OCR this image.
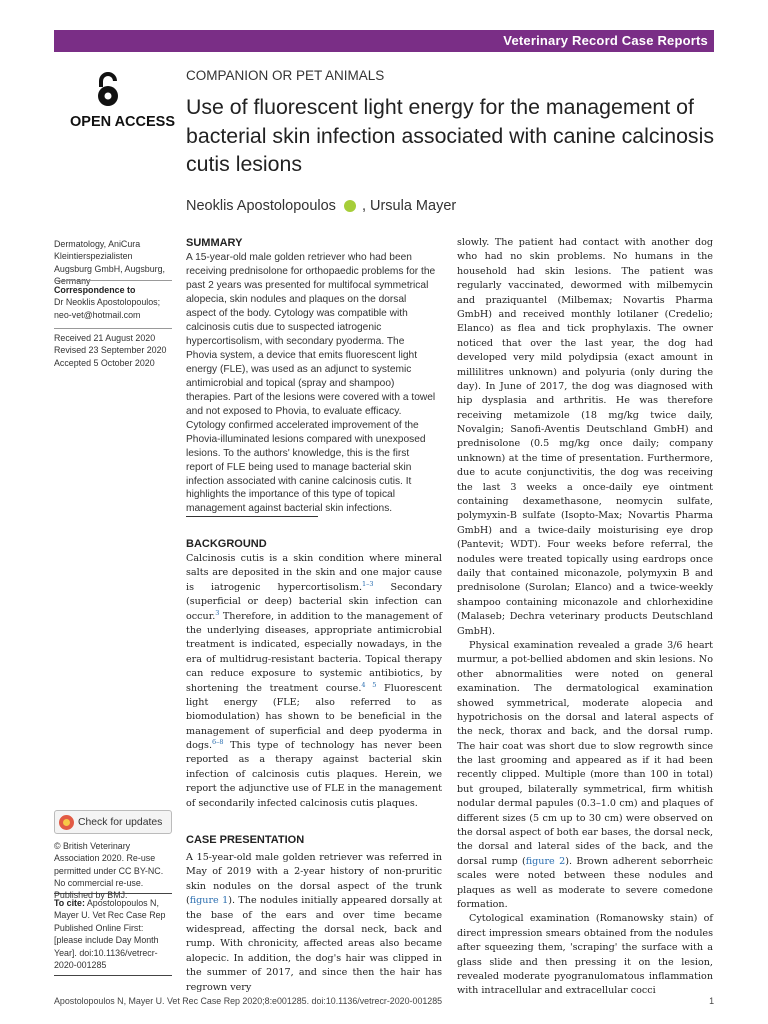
Veterinary Record Case Reports
OPEN ACCESS
COMPANION OR PET ANIMALS
Use of fluorescent light energy for the management of bacterial skin infection associated with canine calcinosis cutis lesions
Neoklis Apostolopoulos , Ursula Mayer
Dermatology, AniCura Kleintierspezialisten Augsburg GmbH, Augsburg, Germany
Correspondence to
Dr Neoklis Apostolopoulos; neo-vet@hotmail.com
Received 21 August 2020
Revised 23 September 2020
Accepted 5 October 2020
Check for updates
© British Veterinary Association 2020. Re-use permitted under CC BY-NC. No commercial re-use. Published by BMJ.
To cite: Apostolopoulos N, Mayer U. Vet Rec Case Rep Published Online First: [please include Day Month Year]. doi:10.1136/vetrecr-2020-001285
SUMMARY
A 15-year-old male golden retriever who had been receiving prednisolone for orthopaedic problems for the past 2 years was presented for multifocal symmetrical alopecia, skin nodules and plaques on the dorsal aspect of the body. Cytology was compatible with calcinosis cutis due to suspected iatrogenic hypercortisolism, with secondary pyoderma. The Phovia system, a device that emits fluorescent light energy (FLE), was used as an adjunct to systemic antimicrobial and topical (spray and shampoo) therapies. Part of the lesions were covered with a towel and not exposed to Phovia, to evaluate efficacy. Cytology confirmed accelerated improvement of the Phovia-illuminated lesions compared with unexposed lesions. To the authors' knowledge, this is the first report of FLE being used to manage bacterial skin infection associated with canine calcinosis cutis. It highlights the importance of this type of topical management against bacterial skin infections.
BACKGROUND

Calcinosis cutis is a skin condition where mineral salts are deposited in the skin and one major cause is iatrogenic hypercortisolism.$^{1-3}$ Secondary (superficial or deep) bacterial skin infection can occur.$^3$ Therefore, in addition to the management of the underlying diseases, appropriate antimicrobial treatment is indicated, especially nowadays, in the era of multidrug-resistant bacteria. Topical therapy can reduce exposure to systemic antibiotics, by shortening the treatment course.$^{4 5}$ Fluorescent light energy (FLE; also referred to as biomodulation) has shown to be beneficial in the management of superficial and deep pyoderma in dogs.$^{6-8}$ This type of technology has never been reported as a therapy against bacterial skin infection of calcinosis cutis plaques. Herein, we report the adjunctive use of FLE in the management of secondarily infected calcinosis cutis plaques.

CASE PRESENTATION

A 15-year-old male golden retriever was referred in May of 2019 with a 2-year history of non-pruritic skin nodules on the dorsal aspect of the trunk (figure 1). The nodules initially appeared dorsally at the base of the ears and over time became widespread, affecting the dorsal neck, back and rump. With chronicity, affected areas also became alopecic. In addition, the dog's hair was clipped in the summer of 2017, and since then the hair has regrown very

slowly. The patient had contact with another dog who had no skin problems. No humans in the household had skin lesions. The patient was regularly vaccinated, dewormed with milbemycin and praziquantel (Milbemax; Novartis Pharma GmbH) and received monthly lotilaner (Credelio; Elanco) as flea and tick prophylaxis. The owner noticed that over the last year, the dog had developed very mild polydipsia (exact amount in millilitres unknown) and polyuria (only during the day). In June of 2017, the dog was diagnosed with hip dysplasia and arthritis. He was therefore receiving metamizole (18 mg/kg twice daily, Novalgin; Sanofi-Aventis Deutschland GmbH) and prednisolone (0.5 mg/kg once daily; company unknown) at the time of presentation. Furthermore, due to acute conjunctivitis, the dog was receiving the last 3 weeks a once-daily eye ointment containing dexamethasone, neomycin sulfate, polymyxin-B sulfate (Isopto-Max; Novartis Pharma GmbH) and a twice-daily moisturising eye drop (Pantevit; WDT). Four weeks before referral, the nodules were treated topically using eardrops once daily that contained miconazole, polymyxin B and prednisolone (Surolan; Elanco) and a twice-weekly shampoo containing miconazole and chlorhexidine (Malaseb; Dechra veterinary products Deutschland GmbH).

Physical examination revealed a grade 3/6 heart murmur, a pot-bellied abdomen and skin lesions. No other abnormalities were noted on general examination. The dermatological examination showed symmetrical, moderate alopecia and hypotrichosis on the dorsal and lateral aspects of the neck, thorax and back, and the dorsal rump. The hair coat was short due to slow regrowth since the last grooming and appeared as if it had been recently clipped. Multiple (more than 100 in total) but grouped, bilaterally symmetrical, firm whitish nodular dermal papules (0.3–1.0 cm) and plaques of different sizes (5 cm up to 30 cm) were observed on the dorsal aspect of both ear bases, the dorsal neck, the dorsal and lateral sides of the back, and the dorsal rump (figure 2). Brown adherent seborrheic scales were noted between these nodules and plaques as well as moderate to severe comedone formation.

Cytological examination (Romanowsky stain) of direct impression smears obtained from the nodules after squeezing them, 'scraping' the surface with a glass slide and then pressing it on the lesion, revealed moderate pyogranulomatous inflammation with intracellular and extracellular cocci

Apostolopoulos N, Mayer U. Vet Rec Case Rep 2020;8:e001285. doi:10.1136/vetrecr-2020-001285	1
